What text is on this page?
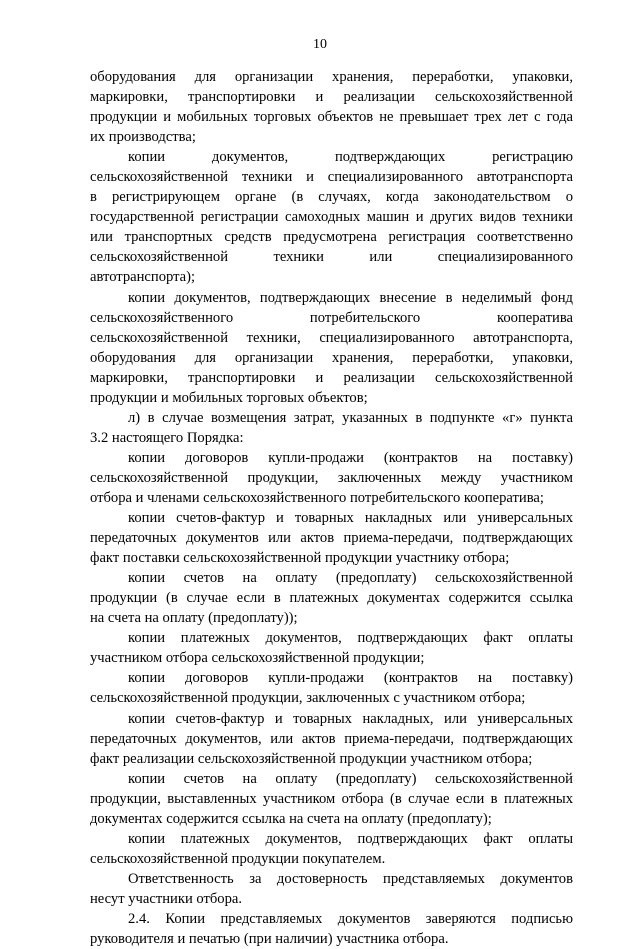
10
оборудования для организации хранения, переработки, упаковки,
маркировки, транспортировки и реализации сельскохозяйственной
продукции и мобильных торговых объектов не превышает трех лет с года
их производства;
копии документов, подтверждающих регистрацию
сельскохозяйственной техники и специализированного автотранспорта
в регистрирующем органе (в случаях, когда законодательством о
государственной регистрации самоходных машин и других видов техники
или транспортных средств предусмотрена регистрация соответственно
сельскохозяйственной техники или специализированного
автотранспорта);
копии документов, подтверждающих внесение в неделимый фонд
сельскохозяйственного потребительского кооператива
сельскохозяйственной техники, специализированного автотранспорта,
оборудования для организации хранения, переработки, упаковки,
маркировки, транспортировки и реализации сельскохозяйственной
продукции и мобильных торговых объектов;
л) в случае возмещения затрат, указанных в подпункте «г» пункта
3.2 настоящего Порядка:
копии договоров купли-продажи (контрактов на поставку)
сельскохозяйственной продукции, заключенных между участником
отбора и членами сельскохозяйственного потребительского кооператива;
копии счетов-фактур и товарных накладных или универсальных
передаточных документов или актов приема-передачи, подтверждающих
факт поставки сельскохозяйственной продукции участнику отбора;
копии счетов на оплату (предоплату) сельскохозяйственной
продукции (в случае если в платежных документах содержится ссылка
на счета на оплату (предоплату));
копии платежных документов, подтверждающих факт оплаты
участником отбора сельскохозяйственной продукции;
копии договоров купли-продажи (контрактов на поставку)
сельскохозяйственной продукции, заключенных с участником отбора;
копии счетов-фактур и товарных накладных, или универсальных
передаточных документов, или актов приема-передачи, подтверждающих
факт реализации сельскохозяйственной продукции участником отбора;
копии счетов на оплату (предоплату) сельскохозяйственной
продукции, выставленных участником отбора (в случае если в платежных
документах содержится ссылка на счета на оплату (предоплату);
копии платежных документов, подтверждающих факт оплаты
сельскохозяйственной продукции покупателем.
Ответственность за достоверность представляемых документов
несут участники отбора.
2.4. Копии представляемых документов заверяются подписью
руководителя и печатью (при наличии) участника отбора.
